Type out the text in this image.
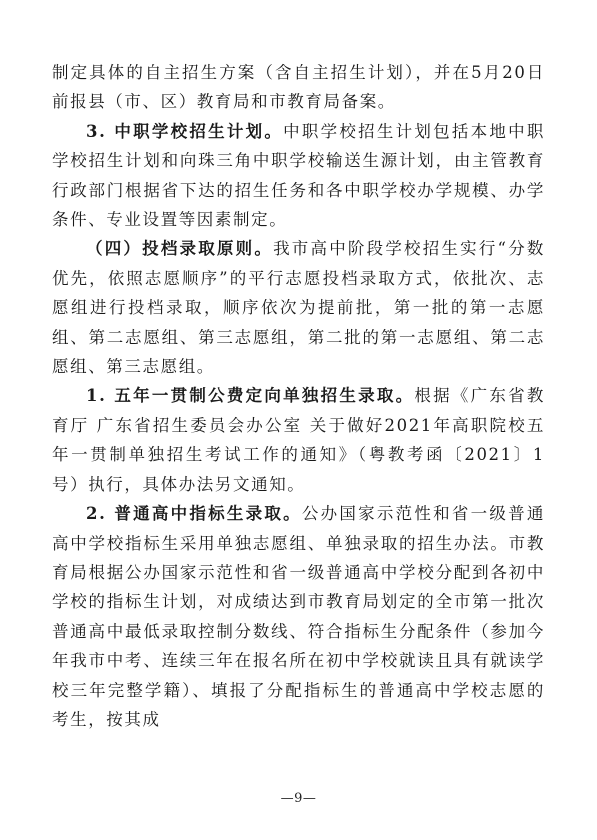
制定具体的自主招生方案（含自主招生计划），并在5月20日前报县（市、区）教育局和市教育局备案。

3. 中职学校招生计划。中职学校招生计划包括本地中职学校招生计划和向珠三角中职学校输送生源计划，由主管教育行政部门根据省下达的招生任务和各中职学校办学规模、办学条件、专业设置等因素制定。

（四）投档录取原则。我市高中阶段学校招生实行“分数优先，依照志愿顺序”的平行志愿投档录取方式，依批次、志愿组进行投档录取，顺序依次为提前批，第一批的第一志愿组、第二志愿组、第三志愿组，第二批的第一志愿组、第二志愿组、第三志愿组。

1. 五年一贯制公费定向单独招生录取。根据《广东省教育厅 广东省招生委员会办公室 关于做好2021年高职院校五年一贯制单独招生考试工作的通知》（粤教考函〔2021〕1号）执行，具体办法另文通知。

2. 普通高中指标生录取。公办国家示范性和省一级普通高中学校指标生采用单独志愿组、单独录取的招生办法。市教育局根据公办国家示范性和省一级普通高中学校分配到各初中学校的指标生计划，对成绩达到市教育局划定的全市第一批次普通高中最低录取控制分数线、符合指标生分配条件（参加今年我市中考、连续三年在报名所在初中学校就读且具有就读学校三年完整学籍）、填报了分配指标生的普通高中学校志愿的考生，按其成

—9—
